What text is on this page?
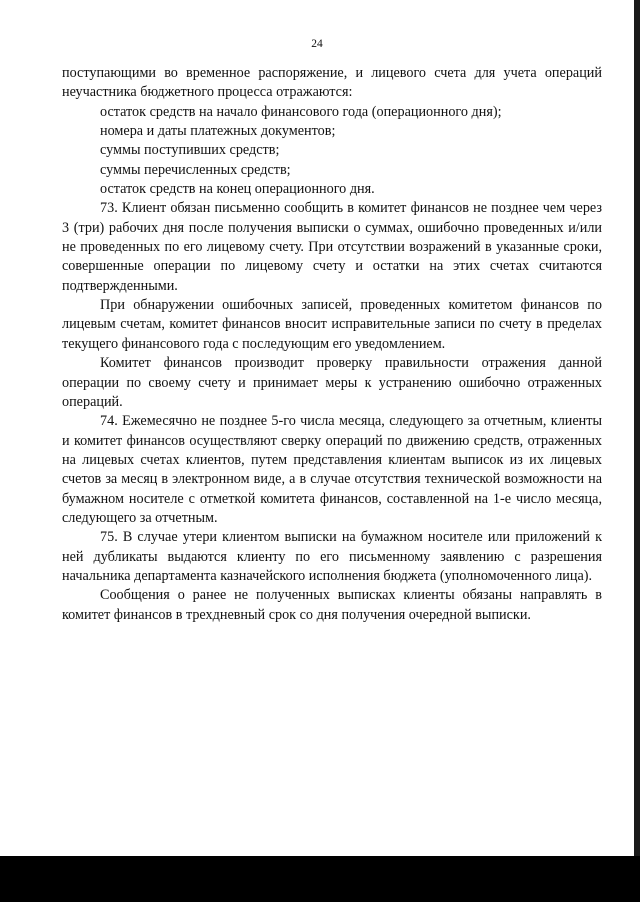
24

поступающими во временное распоряжение, и лицевого счета для учета операций неучастника бюджетного процесса отражаются:

остаток средств на начало финансового года (операционного дня);

номера и даты платежных документов;

суммы поступивших средств;

суммы перечисленных средств;

остаток средств на конец операционного дня.

73. Клиент обязан письменно сообщить в комитет финансов не позднее чем через 3 (три) рабочих дня после получения выписки о суммах, ошибочно проведенных и/или не проведенных по его лицевому счету. При отсутствии возражений в указанные сроки, совершенные операции по лицевому счету и остатки на этих счетах считаются подтвержденными.

При обнаружении ошибочных записей, проведенных комитетом финансов по лицевым счетам, комитет финансов вносит исправительные записи по счету в пределах текущего финансового года с последующим его уведомлением.

Комитет финансов производит проверку правильности отражения данной операции по своему счету и принимает меры к устранению ошибочно отраженных операций.

74. Ежемесячно не позднее 5-го числа месяца, следующего за отчетным, клиенты и комитет финансов осуществляют сверку операций по движению средств, отраженных на лицевых счетах клиентов, путем представления клиентам выписок из их лицевых счетов за месяц в электронном виде, а в случае отсутствия технической возможности на бумажном носителе с отметкой комитета финансов, составленной на 1-е число месяца, следующего за отчетным.

75. В случае утери клиентом выписки на бумажном носителе или приложений к ней дубликаты выдаются клиенту по его письменному заявлению с разрешения начальника департамента казначейского исполнения бюджета (уполномоченного лица).

Сообщения о ранее не полученных выписках клиенты обязаны направлять в комитет финансов в трехдневный срок со дня получения очередной выписки.
